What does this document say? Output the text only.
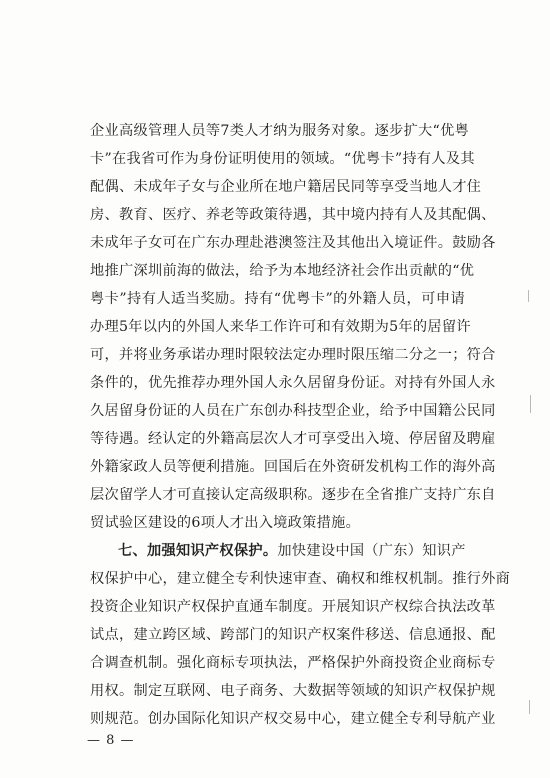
企业高级管理人员等7类人才纳为服务对象。逐步扩大“优粤
卡”在我省可作为身份证明使用的领域。“优粤卡”持有人及其
配偶、未成年子女与企业所在地户籍居民同等享受当地人才住
房、教育、医疗、养老等政策待遇，其中境内持有人及其配偶、
未成年子女可在广东办理赴港澳签注及其他出入境证件。鼓励各
地推广深圳前海的做法，给予为本地经济社会作出贡献的“优
粤卡”持有人适当奖励。持有“优粤卡”的外籍人员，可申请
办理5年以内的外国人来华工作许可和有效期为5年的居留许
可，并将业务承诺办理时限较法定办理时限压缩二分之一；符合
条件的，优先推荐办理外国人永久居留身份证。对持有外国人永
久居留身份证的人员在广东创办科技型企业，给予中国籍公民同
等待遇。经认定的外籍高层次人才可享受出入境、停居留及聘雇
外籍家政人员等便利措施。回国后在外资研发机构工作的海外高
层次留学人才可直接认定高级职称。逐步在全省推广支持广东自
贸试验区建设的6项人才出入境政策措施。
七、加强知识产权保护。加快建设中国（广东）知识产
权保护中心，建立健全专利快速审查、确权和维权机制。推行外商
投资企业知识产权保护直通车制度。开展知识产权综合执法改革
试点，建立跨区域、跨部门的知识产权案件移送、信息通报、配
合调查机制。强化商标专项执法，严格保护外商投资企业商标专
用权。制定互联网、电子商务、大数据等领域的知识产权保护规
则规范。创办国际化知识产权交易中心，建立健全专利导航产业
— 8 —
